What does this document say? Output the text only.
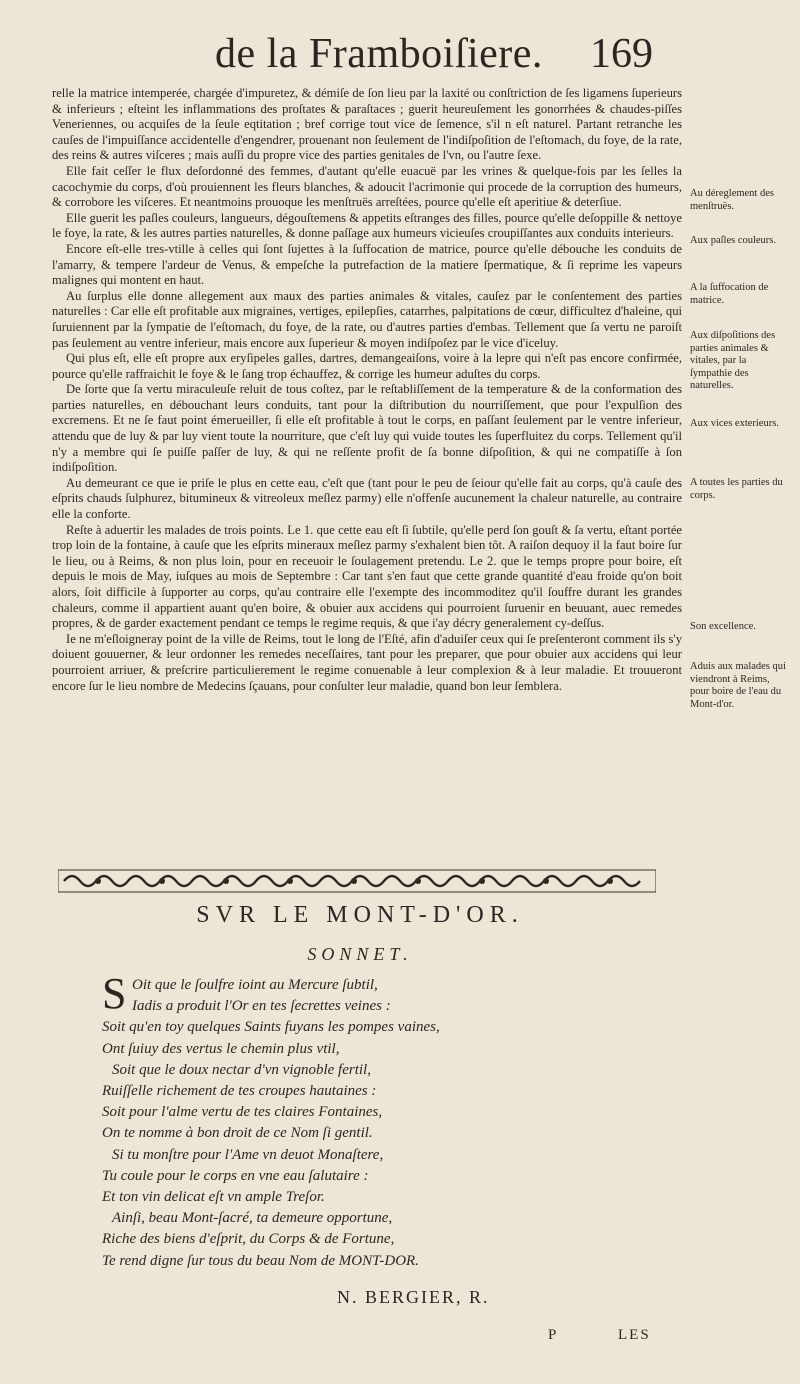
de la Framboiſiere. 169

relle la matrice intemperée, chargée d'impuretez, & démiſe de ſon lieu par la laxité ou conſtriction de ſes ligamens ſuperieurs & inferieurs ; eſteint les inflammations des proſtates & paraſtaces ; guerit heureuſement les gonorrhées & chaudes-piſſes Veneriennes, ou acquiſes de la ſeule eqtitation ; bref corrige tout vice de ſemence, s'il n eſt naturel. Partant retranche les cauſes de l'impuiſſance accidentelle d'engendrer, prouenant non ſeulement de l'indiſpoſition de l'eſtomach, du foye, de la rate, des reins & autres viſceres ; mais auſſi du propre vice des parties genitales de l'vn, ou l'autre ſexe.

Elle fait ceſſer le flux deſordonné des femmes, d'autant qu'elle euacuë par les vrines & quelque-fois par les ſelles la cacochymie du corps, d'où prouiennent les fleurs blanches, & adoucit l'acrimonie qui procede de la corruption des humeurs, & corrobore les viſceres. Et neantmoins prouoque les menſtruës arreſtées, pource qu'elle eſt aperitiue & deterſiue.

Elle guerit les paſles couleurs, langueurs, dégouſtemens & appetits eſtranges des filles, pource qu'elle deſoppille & nettoye le foye, la rate, & les autres parties naturelles, & donne paſſage aux humeurs vicieuſes croupiſſantes aux conduits interieurs.

Encore eſt-elle tres-vtille à celles qui ſont ſujettes à la ſuffocation de matrice, pource qu'elle débouche les conduits de l'amarry, & tempere l'ardeur de Venus, & empeſche la putrefaction de la matiere ſpermatique, & ſi reprime les vapeurs malignes qui montent en haut.

Au ſurplus elle donne allegement aux maux des parties animales & vitales, cauſez par le conſentement des parties naturelles : Car elle eſt profitable aux migraines, vertiges, epilepſies, catarrhes, palpitations de cœur, difficultez d'haleine, qui ſuruiennent par la ſympatie de l'eſtomach, du foye, de la rate, ou d'autres parties d'embas. Tellement que ſa vertu ne paroiſt pas ſeulement au ventre inferieur, mais encore aux ſuperieur & moyen indiſpoſez par le vice d'iceluy.

Qui plus eſt, elle eſt propre aux eryſipeles galles, dartres, demangeaiſons, voire à la lepre qui n'eſt pas encore confirmée, pource qu'elle raffraichit le foye & le ſang trop échauffez, & corrige les humeur aduſtes du corps.

De ſorte que ſa vertu miraculeuſe reluit de tous coſtez, par le reſtabliſſement de la temperature & de la conformation des parties naturelles, en débouchant leurs conduits, tant pour la diſtribution du nourriſſement, que pour l'expulſion des excremens. Et ne ſe faut point émerueiller, ſi elle eſt profitable à tout le corps, en paſſant ſeulement par le ventre inferieur, attendu que de luy & par luy vient toute la nourriture, que c'eſt luy qui vuide toutes les ſuperfluitez du corps. Tellement qu'il n'y a membre qui ſe puiſſe paſſer de luy, & qui ne reſſente profit de ſa bonne diſpoſition, & qui ne compatiſſe à ſon indiſpoſition.

Au demeurant ce que ie priſe le plus en cette eau, c'eſt que (tant pour le peu de ſeiour qu'elle fait au corps, qu'à cauſe des eſprits chauds ſulphurez, bitumineux & vitreoleux meſlez parmy) elle n'offenſe aucunement la chaleur naturelle, au contraire elle la conforte.

Reſte à aduertir les malades de trois points. Le 1. que cette eau eſt ſi ſubtile, qu'elle perd ſon gouſt & ſa vertu, eſtant portée trop loin de la fontaine, à cauſe que les eſprits mineraux meſlez parmy s'exhalent bien tôt. A raiſon dequoy il la faut boire ſur le lieu, ou à Reims, & non plus loin, pour en receuoir le ſoulagement pretendu. Le 2. que le temps propre pour boire, eſt depuis le mois de May, iuſques au mois de Septembre : Car tant s'en faut que cette grande quantité d'eau froide qu'on boit alors, ſoit difficile à ſupporter au corps, qu'au contraire elle l'exempte des incommoditez qu'il ſouffre durant les grandes chaleurs, comme il appartient auant qu'en boire, & obuier aux accidens qui pourroient ſuruenir en beuuant, auec remedes propres, & de garder exactement pendant ce temps le regime requis, & que i'ay décry generalement cy-deſſus.

Ie ne m'eſloigneray point de la ville de Reims, tout le long de l'Eſté, afin d'aduiſer ceux qui ſe preſenteront comment ils s'y doiuent gouuerner, & leur ordonner les remedes neceſſaires, tant pour les preparer, que pour obuier aux accidens qui leur pourroient arriuer, & preſcrire particulierement le regime conuenable à leur complexion & à leur maladie. Et trouueront encore ſur le lieu nombre de Medecins ſçauans, pour conſulter leur maladie, quand bon leur ſemblera.

Au déreglement des menſtruës.
Aux paſles couleurs.
A la ſuffocation de matrice.
Aux diſpoſitions des parties animales & vitales, par la ſympathie des naturelles.
Aux vices exterieurs.
A toutes les parties du corps.
Son excellence.
Aduis aux malades qui viendront à Reims, pour boire de l'eau du Mont-d'or.
SVR LE MONT-D'OR.
SONNET.
S Oit que le ſoulfre ioint au Mercure ſubtil,
Iadis a produit l'Or en tes ſecrettes veines :
Soit qu'en toy quelques Saints fuyans les pompes vaines,
Ont ſuiuy des vertus le chemin plus vtil,
Soit que le doux nectar d'vn vignoble fertil,
Ruiſſelle richement de tes croupes hautaines :
Soit pour l'alme vertu de tes claires Fontaines,
On te nomme à bon droit de ce Nom ſi gentil.
Si tu monſtre pour l'Ame vn deuot Monaſtere,
Tu coule pour le corps en vne eau ſalutaire :
Et ton vin delicat eſt vn ample Treſor.
Ainſi, beau Mont-ſacré, ta demeure opportune,
Riche des biens d'eſprit, du Corps & de Fortune,
Te rend digne ſur tous du beau Nom de MONT-DOR.
N. BERGIER, R.
P	LES
